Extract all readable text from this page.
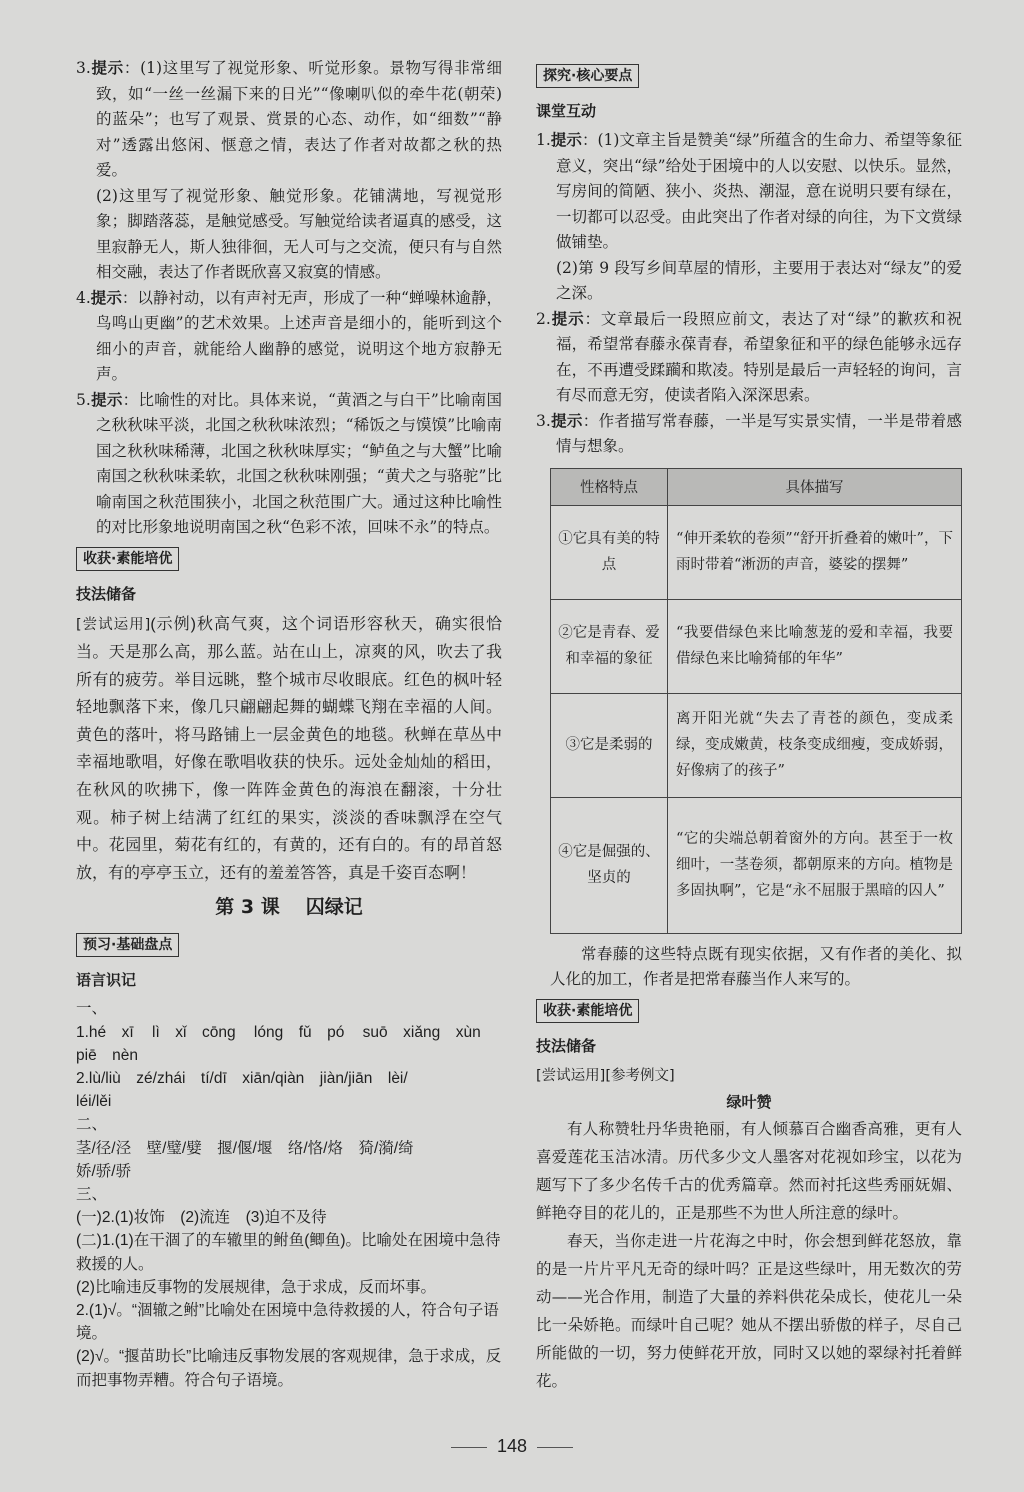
3.提示：(1)这里写了视觉形象、听觉形象。景物写得非常细致，如“一丝一丝漏下来的日光”“像喇叭似的牵牛花(朝荣)的蓝朵”；也写了观景、赏景的心态、动作，如“细数”“静对”透露出悠闲、惬意之情，表达了作者对故都之秋的热爱。

(2)这里写了视觉形象、触觉形象。花铺满地，写视觉形象；脚踏落蕊，是触觉感受。写触觉给读者逼真的感受，这里寂静无人，斯人独徘徊，无人可与之交流，便只有与自然相交融，表达了作者既欣喜又寂寞的情感。

4.提示：以静衬动，以有声衬无声，形成了一种“蝉噪林逾静，鸟鸣山更幽”的艺术效果。上述声音是细小的，能听到这个细小的声音，就能给人幽静的感觉，说明这个地方寂静无声。

5.提示：比喻性的对比。具体来说，“黄酒之与白干”比喻南国之秋秋味平淡，北国之秋秋味浓烈；“稀饭之与馍馍”比喻南国之秋秋味稀薄，北国之秋秋味厚实；“鲈鱼之与大蟹”比喻南国之秋秋味柔软，北国之秋秋味刚强；“黄犬之与骆驼”比喻南国之秋范围狭小，北国之秋范围广大。通过这种比喻性的对比形象地说明南国之秋“色彩不浓，回味不永”的特点。

收获·素能培优
技法储备

[尝试运用](示例)秋高气爽，这个词语形容秋天，确实很恰当。天是那么高，那么蓝。站在山上，凉爽的风，吹去了我所有的疲劳。举目远眺，整个城市尽收眼底。红色的枫叶轻轻地飘落下来，像几只翩翩起舞的蝴蝶飞翔在幸福的人间。黄色的落叶，将马路铺上一层金黄色的地毯。秋蝉在草丛中幸福地歌唱，好像在歌唱收获的快乐。远处金灿灿的稻田，在秋风的吹拂下，像一阵阵金黄色的海浪在翻滚，十分壮观。柿子树上结满了红红的果实，淡淡的香味飘浮在空气中。花园里，菊花有红的，有黄的，还有白的。有的昂首怒放，有的亭亭玉立，还有的羞羞答答，真是千姿百态啊！

第 3 课 囚绿记
预习·基础盘点
语言识记

一、

1.hé　xī lì　xǐ　cōng lóng　fǔ　pó suō　xiǎng　xùn

piē　nèn

2.lù/liù　zé/zhái　tí/dī　xiān/qiàn　jiàn/jiān　lèi/

léi/lěi

二、

茎/径/泾　壁/璧/嬖　揠/偃/堰　络/恪/烙　猗/漪/绮

娇/骄/骄

三、

(一)2.(1)妆饰　(2)流连　(3)迫不及待

(二)1.(1)在干涸了的车辙里的鲋鱼(鲫鱼)。比喻处在困境中急待救援的人。

(2)比喻违反事物的发展规律，急于求成，反而坏事。

2.(1)√。“涸辙之鲋”比喻处在困境中急待救援的人，符合句子语境。

(2)√。“揠苗助长”比喻违反事物发展的客观规律，急于求成，反而把事物弄糟。符合句子语境。

探究·核心要点
课堂互动

1.提示：(1)文章主旨是赞美“绿”所蕴含的生命力、希望等象征意义，突出“绿”给处于困境中的人以安慰、以快乐。显然，写房间的简陋、狭小、炎热、潮湿，意在说明只要有绿在，一切都可以忍受。由此突出了作者对绿的向往，为下文赏绿做铺垫。

(2)第 9 段写乡间草屋的情形，主要用于表达对“绿友”的爱之深。

2.提示：文章最后一段照应前文，表达了对“绿”的歉疚和祝福，希望常春藤永葆青春，希望象征和平的绿色能够永远存在，不再遭受蹂躏和欺凌。特别是最后一声轻轻的询问，言有尽而意无穷，使读者陷入深深思索。

3.提示：作者描写常春藤，一半是写实景实情，一半是带着感情与想象。

性格特点	具体描写
①它具有美的特点	“伸开柔软的卷须”“舒开折叠着的嫩叶”，下雨时带着“淅沥的声音，婆娑的摆舞”
②它是青春、爱和幸福的象征	“我要借绿色来比喻葱茏的爱和幸福，我要借绿色来比喻猗郁的年华”
③它是柔弱的	离开阳光就“失去了青苍的颜色，变成柔绿，变成嫩黄，枝条变成细瘦，变成娇弱，好像病了的孩子”
④它是倔强的、坚贞的	“它的尖端总朝着窗外的方向。甚至于一枚细叶，一茎卷须，都朝原来的方向。植物是多固执啊”，它是“永不屈服于黑暗的囚人”

常春藤的这些特点既有现实依据，又有作者的美化、拟人化的加工，作者是把常春藤当作人来写的。

收获·素能培优
技法储备

[尝试运用][参考例文]

绿叶赞

有人称赞牡丹华贵艳丽，有人倾慕百合幽香高雅，更有人喜爱莲花玉洁冰清。历代多少文人墨客对花视如珍宝，以花为题写下了多少名传千古的优秀篇章。然而衬托这些秀丽妩媚、鲜艳夺目的花儿的，正是那些不为世人所注意的绿叶。

春天，当你走进一片花海之中时，你会想到鲜花怒放，靠的是一片片平凡无奇的绿叶吗？正是这些绿叶，用无数次的劳动——光合作用，制造了大量的养料供花朵成长，使花儿一朵比一朵娇艳。而绿叶自己呢？她从不摆出骄傲的样子，尽自己所能做的一切，努力使鲜花开放，同时又以她的翠绿衬托着鲜花。

148
